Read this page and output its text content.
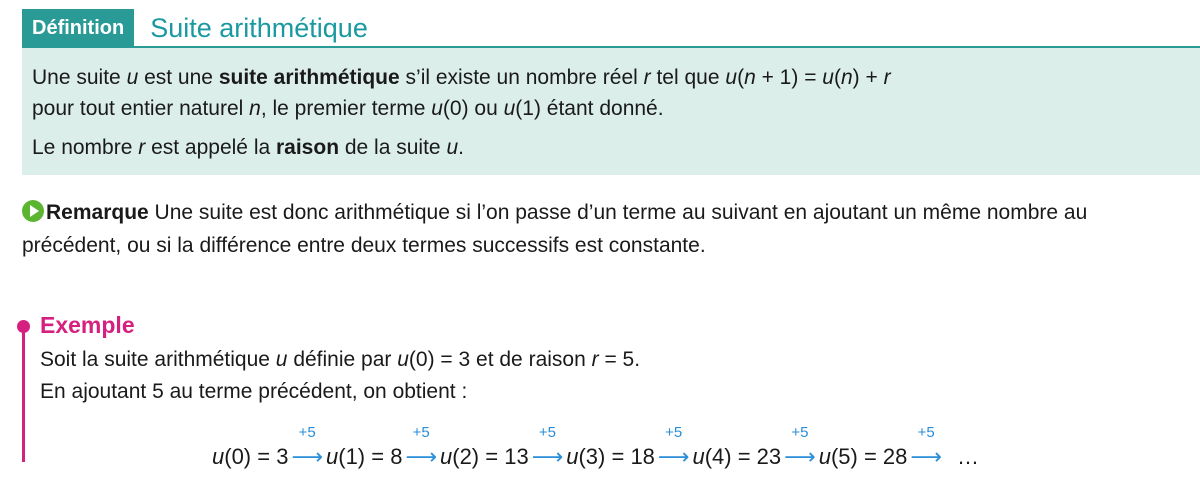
Définition Suite arithmétique
Une suite u est une suite arithmétique s’il existe un nombre réel r tel que u(n + 1) = u(n) + r
pour tout entier naturel n, le premier terme u(0) ou u(1) étant donné.
Le nombre r est appelé la raison de la suite u.
Remarque Une suite est donc arithmétique si l’on passe d’un terme au suivant en ajoutant un même nombre au précédent, ou si la différence entre deux termes successifs est constante.
Exemple
Soit la suite arithmétique u définie par u(0) = 3 et de raison r = 5.
En ajoutant 5 au terme précédent, on obtient :
u(0) = 3
+5
⟶ u(1) = 8
+5
⟶ u(2) = 13
+5
⟶ u(3) = 18
+5
⟶ u(4) = 23
+5
⟶ u(5) = 28
+5
⟶ …
